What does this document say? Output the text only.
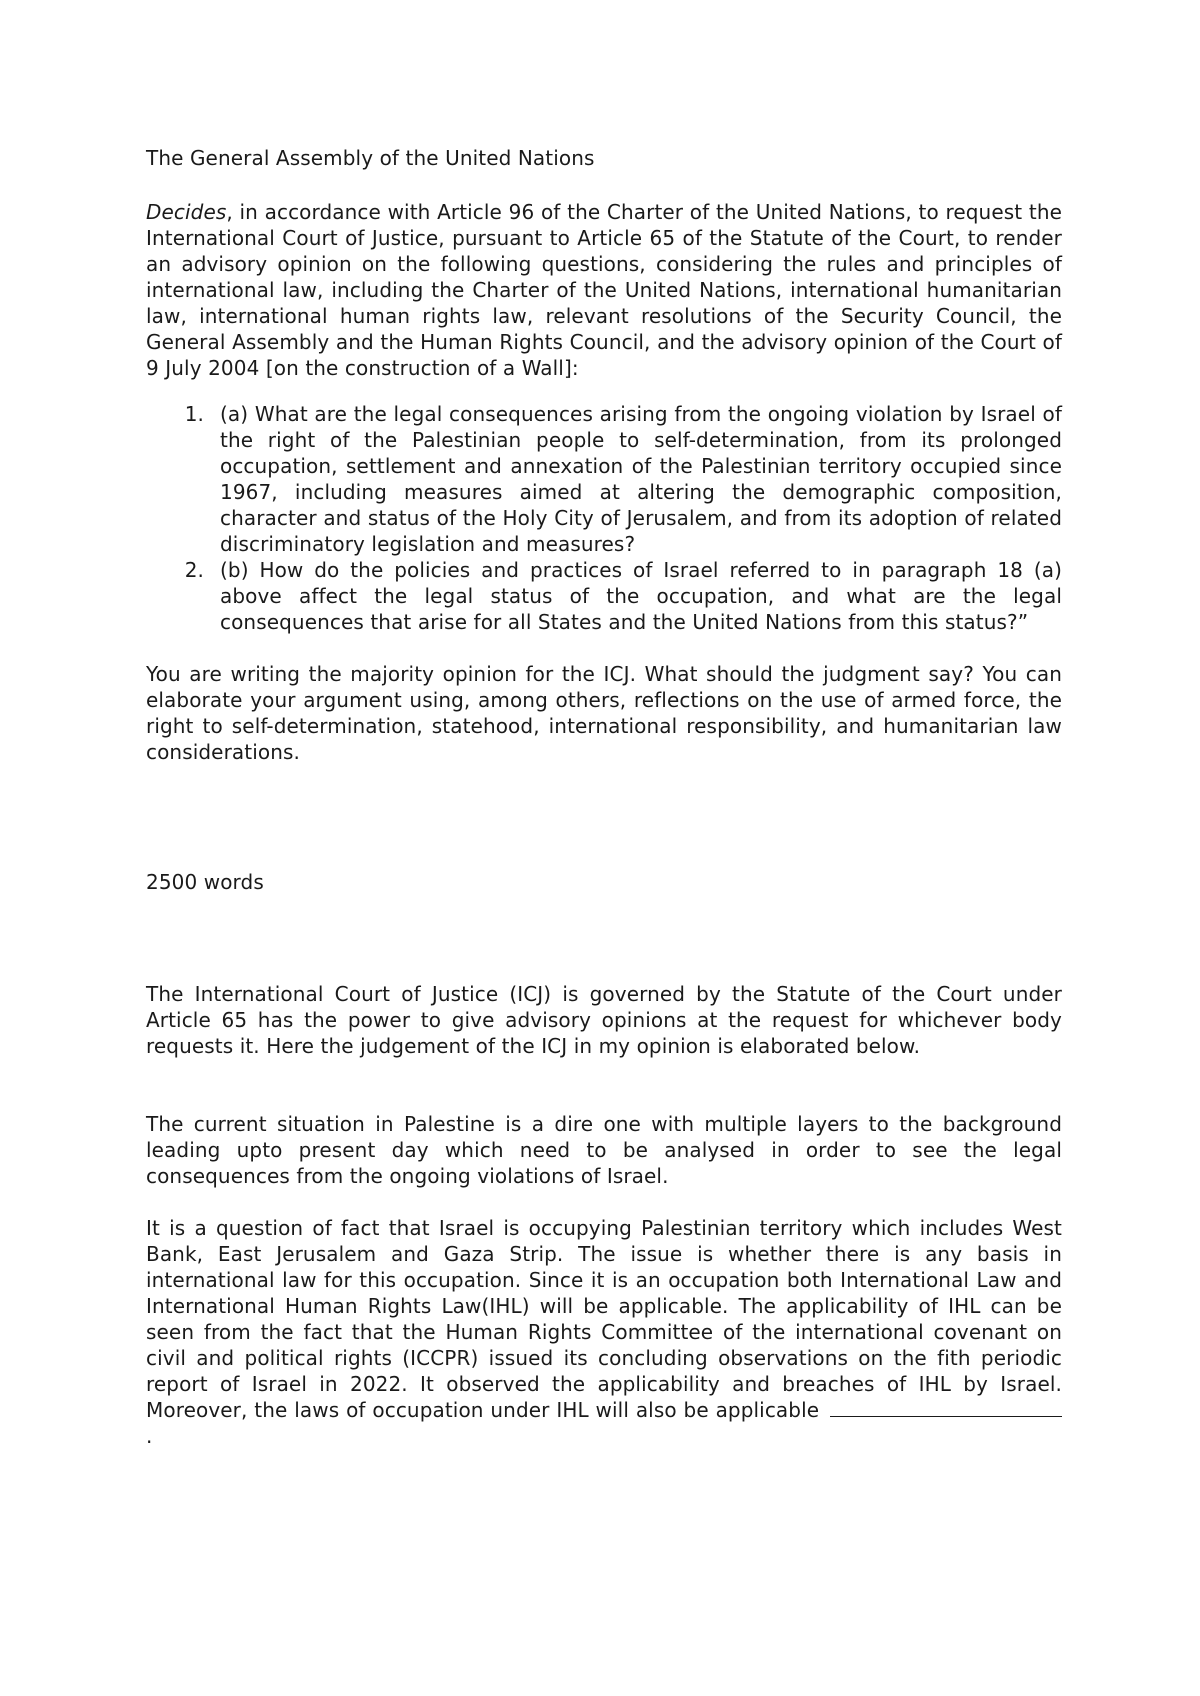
The General Assembly of the United Nations

Decides, in accordance with Article 96 of the Charter of the United Nations, to request the International Court of Justice, pursuant to Article 65 of the Statute of the Court, to render an advisory opinion on the following questions, considering the rules and principles of international law, including the Charter of the United Nations, international humanitarian law, international human rights law, relevant resolutions of the Security Council, the General Assembly and the Human Rights Council, and the advisory opinion of the Court of 9 July 2004 [on the construction of a Wall]:

1. (a) What are the legal consequences arising from the ongoing violation by Israel of the right of the Palestinian people to self-determination, from its prolonged occupation, settlement and annexation of the Palestinian territory occupied since 1967, including measures aimed at altering the demographic composition, character and status of the Holy City of Jerusalem, and from its adoption of related discriminatory legislation and measures?
2. (b) How do the policies and practices of Israel referred to in paragraph 18 (a) above affect the legal status of the occupation, and what are the legal consequences that arise for all States and the United Nations from this status?”

You are writing the majority opinion for the ICJ. What should the judgment say? You can elaborate your argument using, among others, reflections on the use of armed force, the right to self-determination, statehood, international responsibility, and humanitarian law considerations.

2500 words

The International Court of Justice (ICJ) is governed by the Statute of the Court under Article 65 has the power to give advisory opinions at the request for whichever body requests it. Here the judgement of the ICJ in my opinion is elaborated below.

The current situation in Palestine is a dire one with multiple layers to the background leading upto present day which need to be analysed in order to see the legal consequences from the ongoing violations of Israel.

It is a question of fact that Israel is occupying Palestinian territory which includes West Bank, East Jerusalem and Gaza Strip. The issue is whether there is any basis in international law for this occupation. Since it is an occupation both International Law and International Human Rights Law(IHL) will be applicable. The applicability of IHL can be seen from the fact that the Human Rights Committee of the international covenant on civil and political rights (ICCPR) issued its concluding observations on the fith periodic report of Israel in 2022. It observed the applicability and breaches of IHL by Israel. Moreover, the laws of occupation under IHL will also be applicable .
